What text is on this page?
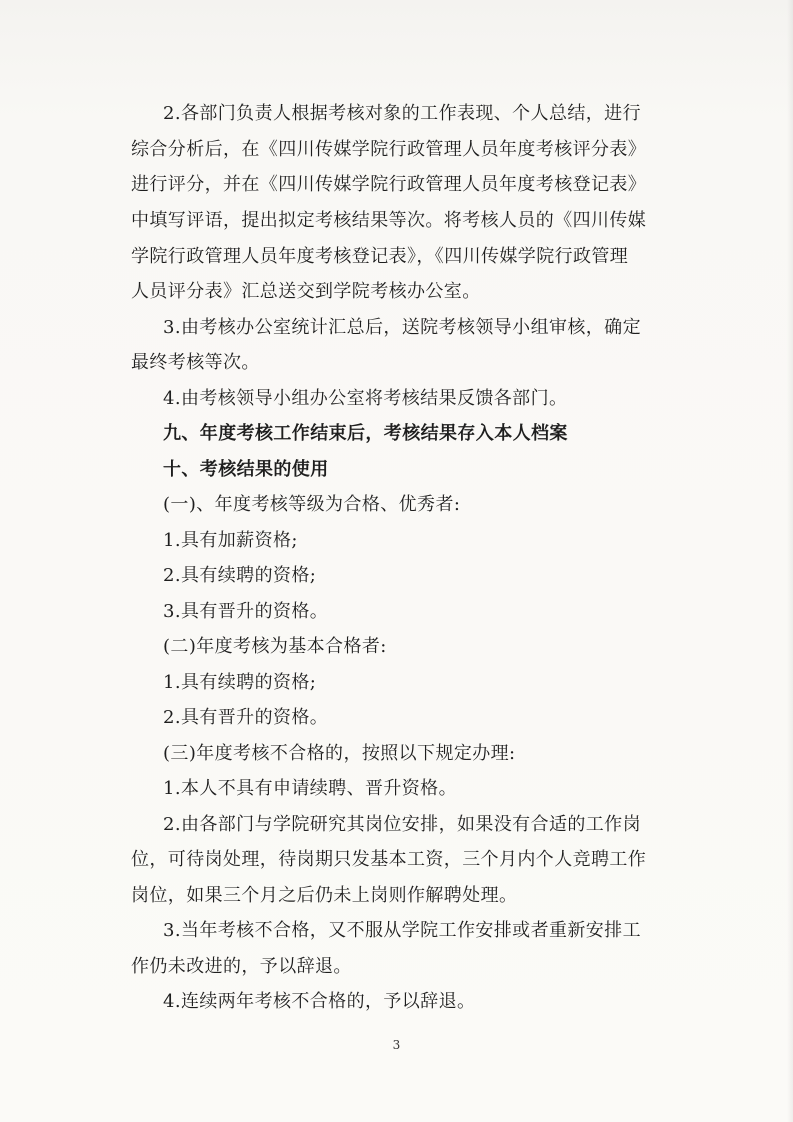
2.各部门负责人根据考核对象的工作表现、个人总结，进行
综合分析后，在《四川传媒学院行政管理人员年度考核评分表》
进行评分，并在《四川传媒学院行政管理人员年度考核登记表》
中填写评语，提出拟定考核结果等次。将考核人员的《四川传媒
学院行政管理人员年度考核登记表》，《四川传媒学院行政管理
人员评分表》汇总送交到学院考核办公室。
3.由考核办公室统计汇总后，送院考核领导小组审核，确定
最终考核等次。
4.由考核领导小组办公室将考核结果反馈各部门。
九、年度考核工作结束后，考核结果存入本人档案
十、考核结果的使用
(一)、年度考核等级为合格、优秀者:
1.具有加薪资格;
2.具有续聘的资格;
3.具有晋升的资格。
(二)年度考核为基本合格者:
1.具有续聘的资格;
2.具有晋升的资格。
(三)年度考核不合格的，按照以下规定办理:
1.本人不具有申请续聘、晋升资格。
2.由各部门与学院研究其岗位安排，如果没有合适的工作岗
位，可待岗处理，待岗期只发基本工资，三个月内个人竞聘工作
岗位，如果三个月之后仍未上岗则作解聘处理。
3.当年考核不合格，又不服从学院工作安排或者重新安排工
作仍未改进的，予以辞退。
4.连续两年考核不合格的，予以辞退。
3
